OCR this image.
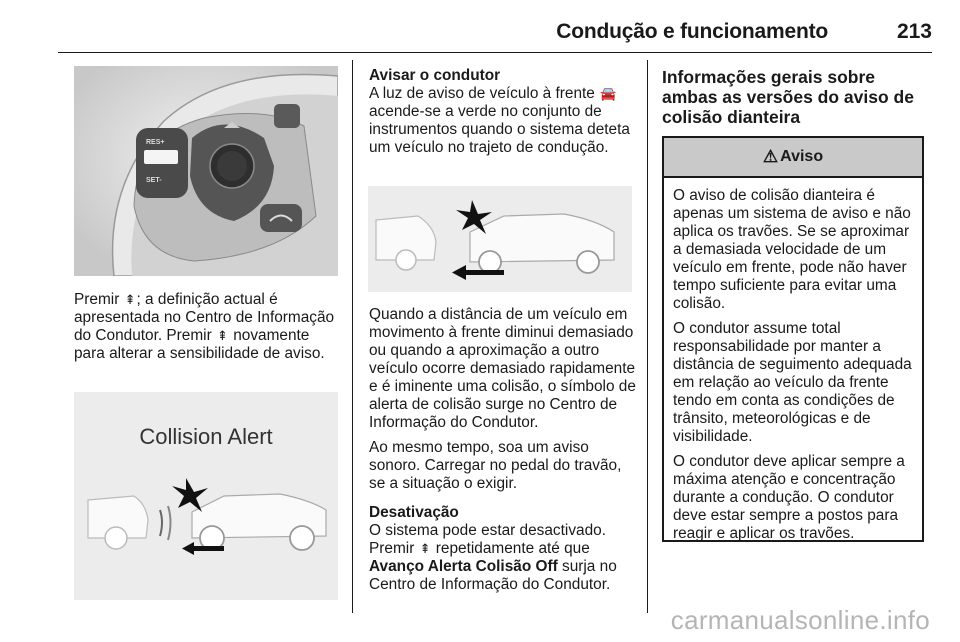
Condução e funcionamento	213
RES+
SET-

Premir ⇞; a definição actual é apresentada no Centro de Informação do Condutor. Premir ⇞ novamente para alterar a sensibilidade de aviso.

Collision Alert
Avisar o condutor

A luz de aviso de veículo à frente 🚘 acende-se a verde no conjunto de instrumentos quando o sistema deteta um veículo no trajeto de condução.

Quando a distância de um veículo em movimento à frente diminui demasiado ou quando a aproximação a outro veículo ocorre demasiado rapidamente e é iminente uma colisão, o símbolo de alerta de colisão surge no Centro de Informação do Condutor.

Ao mesmo tempo, soa um aviso sonoro. Carregar no pedal do travão, se a situação o exigir.

Desativação

O sistema pode estar desactivado. Premir ⇞ repetidamente até que Avanço Alerta Colisão Off surja no Centro de Informação do Condutor.

Informações gerais sobre ambas as versões do aviso de colisão dianteira
⚠ Aviso

O aviso de colisão dianteira é apenas um sistema de aviso e não aplica os travões. Se se aproximar a demasiada velocidade de um veículo em frente, pode não haver tempo suficiente para evitar uma colisão.

O condutor assume total responsabilidade por manter a distância de seguimento adequada em relação ao veículo da frente tendo em conta as condições de trânsito, meteorológicas e de visibilidade.

O condutor deve aplicar sempre a máxima atenção e concentração durante a condução. O condutor deve estar sempre a postos para reagir e aplicar os travões.

carmanualsonline.info
